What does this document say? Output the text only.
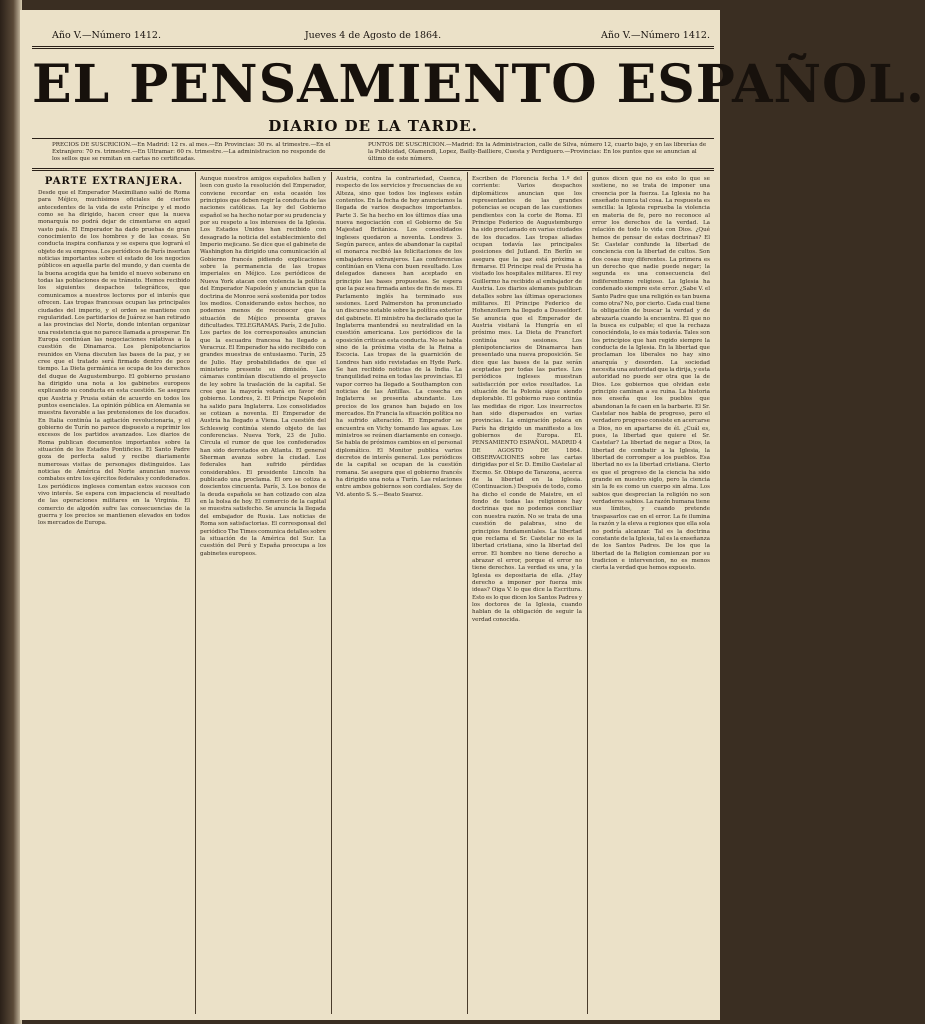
Año V.—Número 1412.	Jueves 4 de Agosto de 1864.	Año V.—Número 1412.
EL PENSAMIENTO ESPAÑOL.
DIARIO DE LA TARDE.
PRECIOS DE SUSCRICION.—En Madrid: 12 rs. al mes.—En Provincias: 30 rs. al trimestre.—En el Extranjero: 70 rs. trimestre.—En Ultramar: 60 rs. trimestre.—La administracion no responde de los sellos que se remitan en cartas no certificadas.
PUNTOS DE SUSCRICION.—Madrid: En la Administracion, calle de Silva, número 12, cuarto bajo, y en las librerías de la Publicidad, Olamendi, Lopez, Bailly-Bailliere, Cuesta y Perdiguero.—Provincias: En los puntos que se anuncian al último de este número.
PARTE EXTRANJERA.
Desde que el Emperador Maximiliano salió de Roma para Méjico, muchísimos oficiales de ciertos antecedentes de la vida de este Príncipe y el modo como se ha dirigido, hacen creer que la nueva monarquía no podrá dejar de cimentarse en aquel vasto país. El Emperador ha dado pruebas de gran conocimiento de los hombres y de las cosas. Su conducta inspira confianza y se espera que logrará el objeto de su empresa. Los periódicos de París insertan noticias importantes sobre el estado de los negocios públicos en aquella parte del mundo, y dan cuenta de la buena acogida que ha tenido el nuevo soberano en todas las poblaciones de su tránsito. Hemos recibido los siguientes despachos telegráficos, que comunicamos a nuestros lectores por el interés que ofrecen. Las tropas francesas ocupan las principales ciudades del imperio, y el orden se mantiene con regularidad. Los partidarios de Juárez se han retirado a las provincias del Norte, donde intentan organizar una resistencia que no parece llamada a prosperar. En Europa continúan las negociaciones relativas a la cuestión de Dinamarca. Los plenipotenciarios reunidos en Viena discuten las bases de la paz, y se cree que el tratado será firmado dentro de poco tiempo. La Dieta germánica se ocupa de los derechos del duque de Augustemburgo. El gobierno prusiano ha dirigido una nota a los gabinetes europeos explicando su conducta en esta cuestión. Se asegura que Austria y Prusia están de acuerdo en todos los puntos esenciales. La opinión pública en Alemania se muestra favorable a las pretensiones de los ducados. En Italia continúa la agitación revolucionaria, y el gobierno de Turín no parece dispuesto a reprimir los excesos de los partidos avanzados. Los diarios de Roma publican documentos importantes sobre la situación de los Estados Pontificios. El Santo Padre goza de perfecta salud y recibe diariamente numerosas visitas de personajes distinguidos. Las noticias de América del Norte anuncian nuevos combates entre los ejércitos federales y confederados. Los periódicos ingleses comentan estos sucesos con vivo interés. Se espera con impaciencia el resultado de las operaciones militares en la Virginia. El comercio de algodón sufre las consecuencias de la guerra y los precios se mantienen elevados en todos los mercados de Europa.
Aunque nuestros amigos españoles hallen y leen con gusto la resolución del Emperador, conviene recordar en esta ocasión los principios que deben regir la conducta de las naciones católicas. La ley del Gobierno español se ha hecho notar por su prudencia y por su respeto a los intereses de la Iglesia. Los Estados Unidos han recibido con desagrado la noticia del establecimiento del Imperio mejicano. Se dice que el gabinete de Washington ha dirigido una comunicación al Gobierno francés pidiendo explicaciones sobre la permanencia de las tropas imperiales en Méjico. Los periódicos de Nueva York atacan con violencia la política del Emperador Napoleón y anuncian que la doctrina de Monroe será sostenida por todos los medios. Considerando estos hechos, no podemos menos de reconocer que la situación de Méjico presenta graves dificultades. TELEGRAMAS. París, 2 de Julio. Los partes de los corresponsales anuncian que la escuadra francesa ha llegado a Veracruz. El Emperador ha sido recibido con grandes muestras de entusiasmo. Turín, 25 de Julio. Hay probabilidades de que el ministerio presente su dimisión. Las cámaras continúan discutiendo el proyecto de ley sobre la traslación de la capital. Se cree que la mayoría votará en favor del gobierno. Londres, 2. El Príncipe Napoleón ha salido para Inglaterra. Los consolidados se cotizan a noventa. El Emperador de Austria ha llegado a Viena. La cuestión del Schleswig continúa siendo objeto de las conferencias. Nueva York, 23 de Julio. Circula el rumor de que los confederados han sido derrotados en Atlanta. El general Sherman avanza sobre la ciudad. Los federales han sufrido pérdidas considerables. El presidente Lincoln ha publicado una proclama. El oro se cotiza a doscientos cincuenta. París, 3. Los bonos de la deuda española se han cotizado con alza en la bolsa de hoy. El comercio de la capital se muestra satisfecho. Se anuncia la llegada del embajador de Rusia. Las noticias de Roma son satisfactorias. El corresponsal del periódico The Times comunica detalles sobre la situación de la América del Sur. La cuestión del Perú y España preocupa a los gabinetes europeos.
Austria, contra la contrariedad, Cuenca, respecto de los servicios y frecuencias de su Alteza, sino que todos los ingleses están contentos. En la fecha de hoy anunciamos la llegada de varios despachos importantes. Parte 3. Se ha hecho en los últimos días una nueva negociación con el Gobierno de Su Majestad Británica. Los consolidados ingleses quedaron a noventa. Londres 3. Según parece, antes de abandonar la capital el monarca recibió las felicitaciones de los embajadores extranjeros. Las conferencias continúan en Viena con buen resultado. Los delegados daneses han aceptado en principio las bases propuestas. Se espera que la paz sea firmada antes de fin de mes. El Parlamento inglés ha terminado sus sesiones. Lord Palmerston ha pronunciado un discurso notable sobre la política exterior del gabinete. El ministro ha declarado que la Inglaterra mantendrá su neutralidad en la cuestión americana. Los periódicos de la oposición critican esta conducta. No se habla sino de la próxima visita de la Reina a Escocia. Las tropas de la guarnición de Londres han sido revistadas en Hyde Park. Se han recibido noticias de la India. La tranquilidad reina en todas las provincias. El vapor correo ha llegado a Southampton con noticias de las Antillas. La cosecha en Inglaterra se presenta abundante. Los precios de los granos han bajado en los mercados. En Francia la situación política no ha sufrido alteración. El Emperador se encuentra en Vichy tomando las aguas. Los ministros se reúnen diariamente en consejo. Se habla de próximos cambios en el personal diplomático. El Monitor publica varios decretos de interés general. Los periódicos de la capital se ocupan de la cuestión romana. Se asegura que el gobierno francés ha dirigido una nota a Turín. Las relaciones entre ambos gobiernos son cordiales. Soy de Vd. atento S. S.—Beato Suarez.
Escriben de Florencia fecha 1.º del corriente: Varios despachos diplomáticos anuncian que los representantes de las grandes potencias se ocupan de las cuestiones pendientes con la corte de Roma. El Principe Federico de Augustemburgo ha sido proclamado en varias ciudades de los ducados. Las tropas aliadas ocupan todavía las principales posiciones del Jutland. En Berlín se asegura que la paz está próxima a firmarse. El Principe real de Prusia ha visitado los hospitales militares. El rey Guillermo ha recibido al embajador de Austria. Los diarios alemanes publican detalles sobre las últimas operaciones militares. El Principe Federico de Hohenzollern ha llegado a Dusseldorf. Se anuncia que el Emperador de Austria visitará la Hungría en el próximo mes. La Dieta de Francfort continúa sus sesiones. Los plenipotenciarios de Dinamarca han presentado una nueva proposición. Se dice que las bases de la paz serán aceptadas por todas las partes. Los periódicos ingleses muestran satisfacción por estos resultados. La situación de la Polonia sigue siendo deplorable. El gobierno ruso continúa las medidas de rigor. Los insurrectos han sido dispersados en varias provincias. La emigración polaca en París ha dirigido un manifiesto a los gobiernos de Europa. EL PENSAMIENTO ESPAÑOL. MADRID 4 DE AGOSTO DE 1864. OBSERVACIONES sobre las cartas dirigidas por el Sr. D. Emilio Castelar al Excmo. Sr. Obispo de Tarazona, acerca de la libertad en la Iglesia. (Continuacion.) Después de todo, como ha dicho el conde de Maistre, en el fondo de todas las religiones hay doctrinas que no podemos conciliar con nuestra razón. No se trata de una cuestión de palabras, sino de principios fundamentales. La libertad que reclama el Sr. Castelar no es la libertad cristiana, sino la libertad del error. El hombre no tiene derecho a abrazar el error, porque el error no tiene derechos. La verdad es una, y la Iglesia es depositaria de ella. ¿Hay derecho a imponer por fuerza mis ideas? Oiga V. lo que dice la Escritura. Esto es lo que dicen los Santos Padres y los doctores de la Iglesia, cuando hablan de la obligación de seguir la verdad conocida.
gunos dicen que no es esto lo que se sostiene, no se trata de imponer una creencia por la fuerza. La Iglesia no ha enseñado nunca tal cosa. La respuesta es sencilla: la Iglesia reprueba la violencia en materia de fe, pero no reconoce al error los derechos de la verdad. La relación de todo lo vida con Dios. ¿Qué hemos de pensar de estas doctrinas? El Sr. Castelar confunde la libertad de conciencia con la libertad de cultos. Son dos cosas muy diferentes. La primera es un derecho que nadie puede negar; la segunda es una consecuencia del indiferentismo religioso. La Iglesia ha condenado siempre este error. ¿Sabe V. el Santo Padre que una religión es tan buena como otra? No, por cierto. Cada cual tiene la obligación de buscar la verdad y de abrazarla cuando la encuentra. El que no la busca es culpable; el que la rechaza conociéndola, lo es más todavía. Tales son los principios que han regido siempre la conducta de la Iglesia. En la libertad que proclaman los liberales no hay sino anarquía y desorden. La sociedad necesita una autoridad que la dirija, y esta autoridad no puede ser otra que la de Dios. Los gobiernos que olvidan este principio caminan a su ruina. La historia nos enseña que los pueblos que abandonan la fe caen en la barbarie. El Sr. Castelar nos habla de progreso, pero el verdadero progreso consiste en acercarse a Dios, no en apartarse de él. ¿Cuál es, pues, la libertad que quiere el Sr. Castelar? La libertad de negar a Dios, la libertad de combatir a la Iglesia, la libertad de corromper a los pueblos. Esa libertad no es la libertad cristiana. Cierto es que el progreso de la ciencia ha sido grande en nuestro siglo, pero la ciencia sin la fe es como un cuerpo sin alma. Los sabios que desprecian la religión no son verdaderos sabios. La razón humana tiene sus límites, y cuando pretende traspasarlos cae en el error. La fe ilumina la razón y la eleva a regiones que ella sola no podría alcanzar. Tal es la doctrina constante de la Iglesia, tal es la enseñanza de los Santos Padres. De los que la libertad de la Religion comienzan por su tradicion e intervencion, no es menos cierta la verdad que hemos expuesto.
